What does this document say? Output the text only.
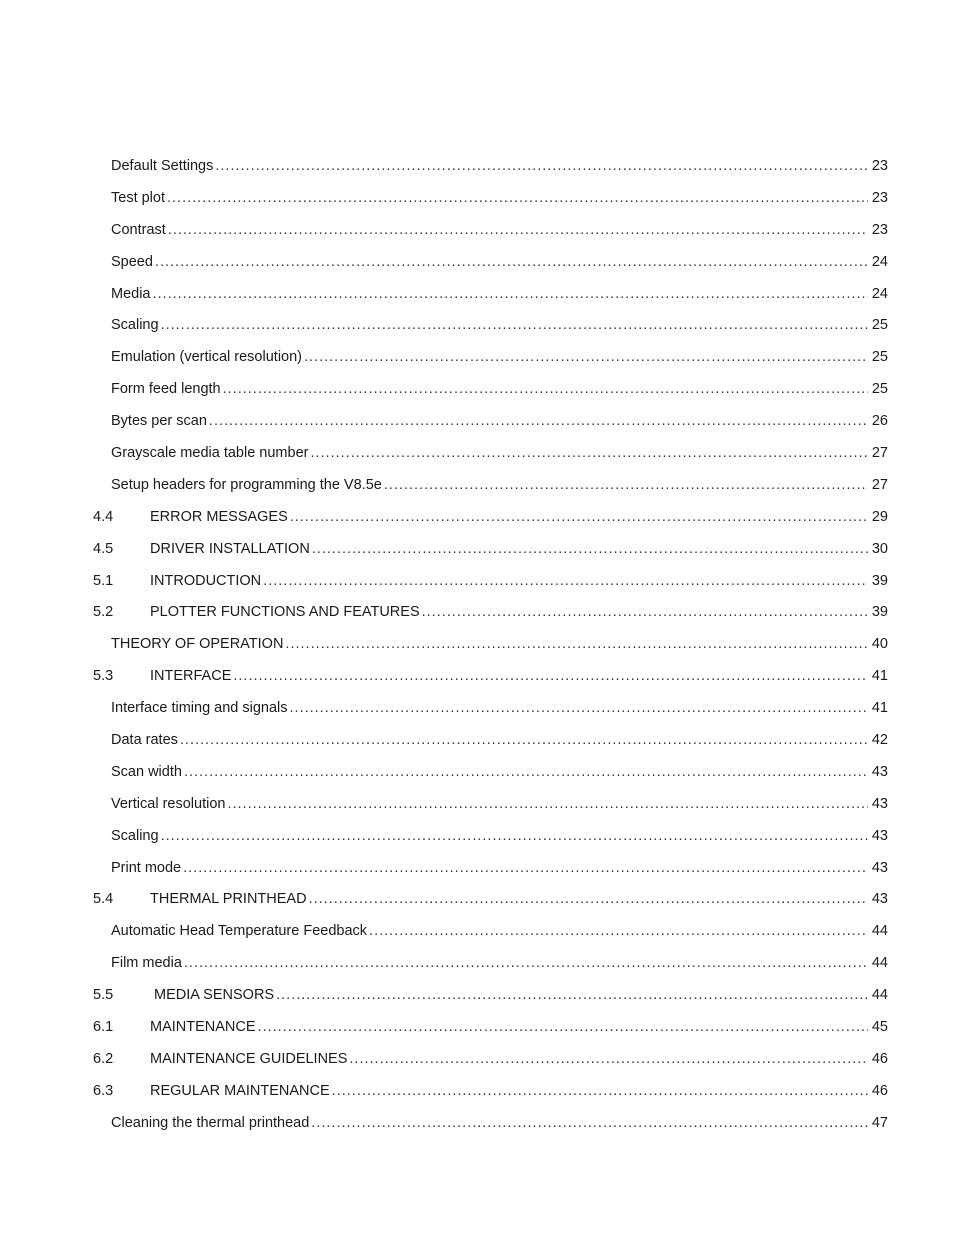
Default Settings .....	23
Test plot .....	23
Contrast .....	23
Speed .....	24
Media .....	24
Scaling .....	25
Emulation (vertical resolution) .....	25
Form feed length .....	25
Bytes per scan .....	26
Grayscale media table number .....	27
Setup headers for programming the V8.5e .....	27
4.4	ERROR MESSAGES .....	29
4.5	DRIVER INSTALLATION .....	30
5.1	INTRODUCTION .....	39
5.2	PLOTTER FUNCTIONS AND FEATURES .....	39
THEORY OF OPERATION .....	40
5.3	INTERFACE .....	41
Interface timing and signals .....	41
Data rates .....	42
Scan width .....	43
Vertical resolution .....	43
Scaling .....	43
Print mode .....	43
5.4	THERMAL PRINTHEAD .....	43
Automatic Head Temperature Feedback .....	44
Film media .....	44
5.5	MEDIA SENSORS .....	44
6.1	MAINTENANCE .....	45
6.2	MAINTENANCE GUIDELINES .....	46
6.3	REGULAR MAINTENANCE .....	46
Cleaning the thermal printhead .....	47
